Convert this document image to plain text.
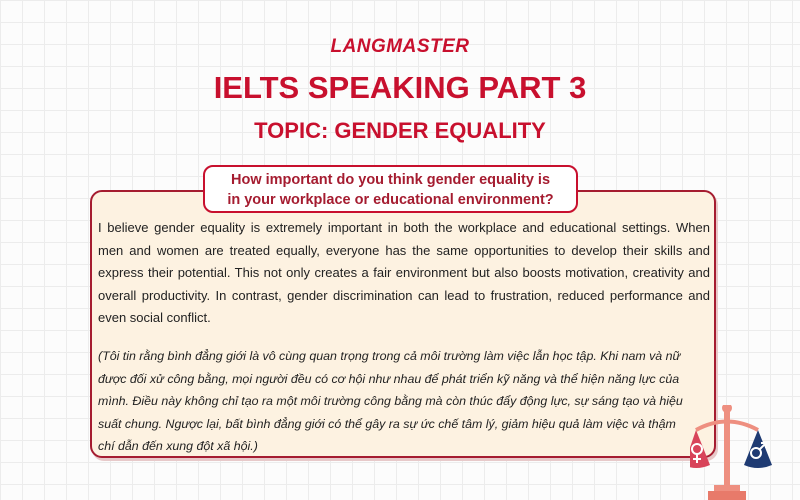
LANGMASTER
IELTS SPEAKING PART 3
TOPIC: GENDER EQUALITY
How important do you think gender equality is
in your workplace or educational environment?

I believe gender equality is extremely important in both the workplace and educational settings. When men and women are treated equally, everyone has the same opportunities to develop their skills and express their potential. This not only creates a fair environment but also boosts motivation, creativity and overall productivity. In contrast, gender discrimination can lead to frustration, reduced performance and even social conflict.

(Tôi tin rằng bình đẳng giới là vô cùng quan trọng trong cả môi trường làm việc lẫn học tập. Khi nam và nữ được đối xử công bằng, mọi người đều có cơ hội như nhau để phát triển kỹ năng và thể hiện năng lực của mình. Điều này không chỉ tạo ra một môi trường công bằng mà còn thúc đẩy động lực, sự sáng tạo và hiệu suất chung. Ngược lại, bất bình đẳng giới có thể gây ra sự ức chế tâm lý, giảm hiệu quả làm việc và thậm chí dẫn đến xung đột xã hội.)
